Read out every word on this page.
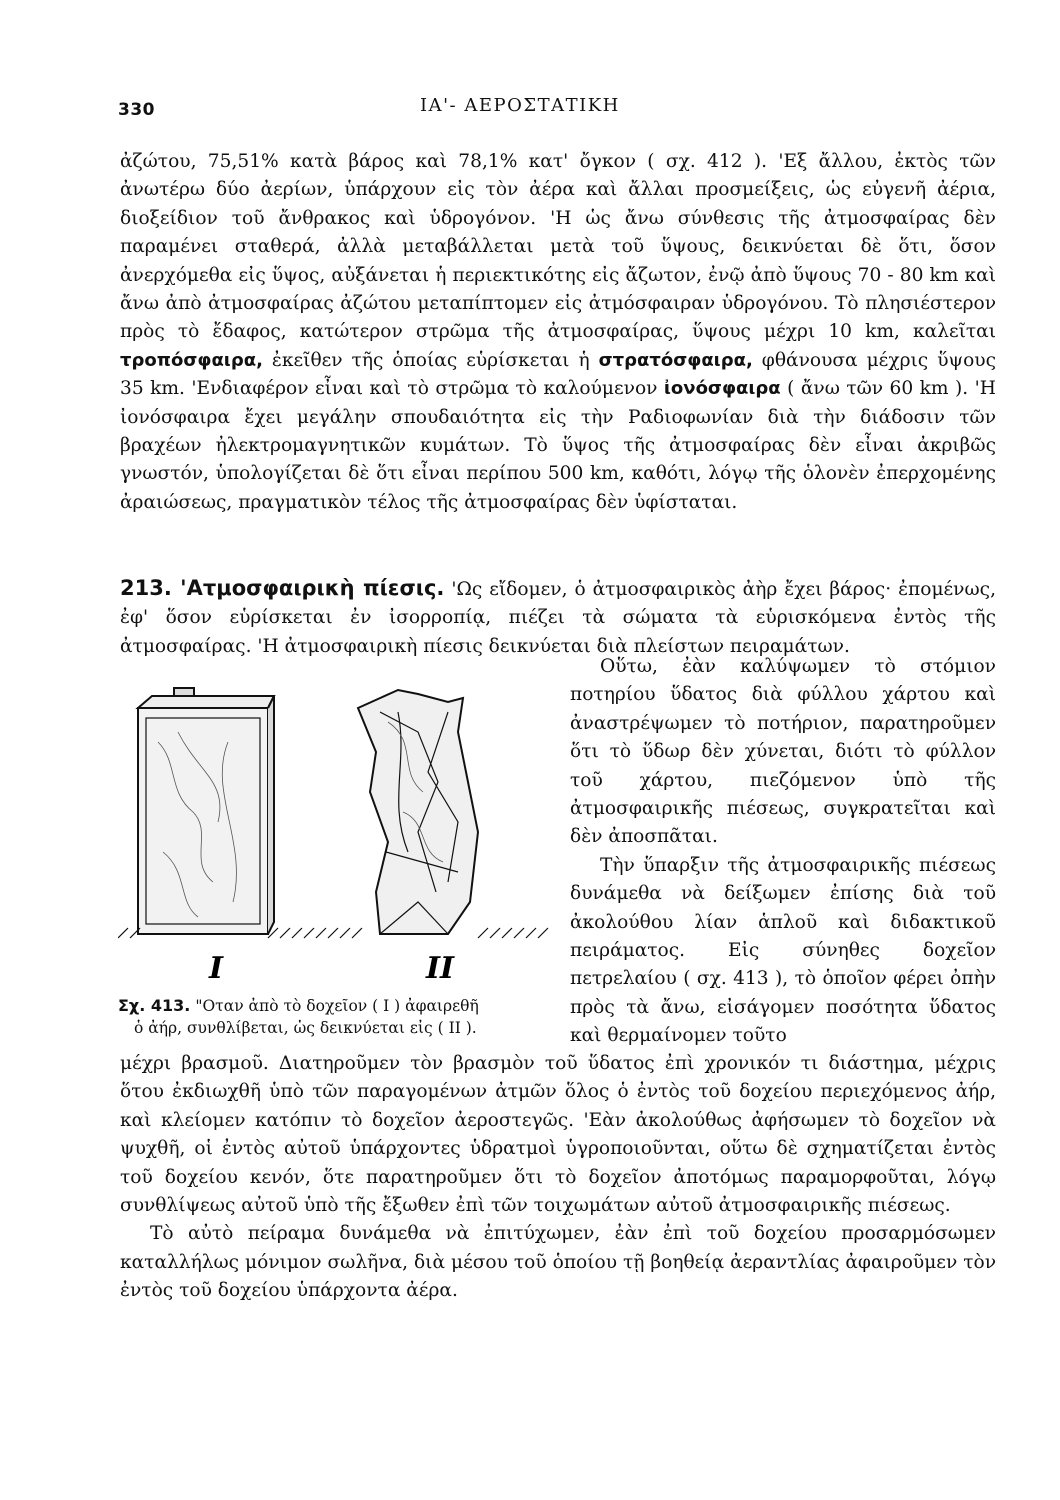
330	ΙΑ'- ΑΕΡΟΣΤΑΤΙΚΗ

ἀζώτου, 75,51% κατὰ βάρος καὶ 78,1% κατ' ὄγκον ( σχ. 412 ). 'Εξ ἄλλου, ἐκτὸς τῶν ἀνωτέρω δύο ἀερίων, ὑπάρχουν εἰς τὸν ἀέρα καὶ ἄλλαι προσμείξεις, ὡς εὐγενῆ ἀέρια, διοξείδιον τοῦ ἄνθρακος καὶ ὑδρογόνον. 'Η ὡς ἄνω σύνθεσις τῆς ἀτμοσφαίρας δὲν παραμένει σταθερά, ἀλλὰ μεταβάλλεται μετὰ τοῦ ὕψους, δεικνύεται δὲ ὅτι, ὅσον ἀνερχόμεθα εἰς ὕψος, αὐξάνεται ἡ περιεκτικότης εἰς ἄζωτον, ἐνῷ ἀπὸ ὕψους 70 - 80 km καὶ ἄνω ἀπὸ ἀτμοσφαίρας ἀζώτου μεταπίπτομεν εἰς ἀτμόσφαιραν ὑδρογόνου. Τὸ πλησιέστερον πρὸς τὸ ἔδαφος, κατώτερον στρῶμα τῆς ἀτμοσφαίρας, ὕψους μέχρι 10 km, καλεῖται τροπόσφαιρα, ἐκεῖθεν τῆς ὁποίας εὑρίσκεται ἡ στρατόσφαιρα, φθάνουσα μέχρις ὕψους 35 km. 'Ενδιαφέρον εἶναι καὶ τὸ στρῶμα τὸ καλούμενον ἰονόσφαιρα ( ἄνω τῶν 60 km ). 'Η ἰονόσφαιρα ἔχει μεγάλην σπουδαιότητα εἰς τὴν Ραδιοφωνίαν διὰ τὴν διάδοσιν τῶν βραχέων ἠλεκτρομαγνητικῶν κυμάτων. Τὸ ὕψος τῆς ἀτμοσφαίρας δὲν εἶναι ἀκριβῶς γνωστόν, ὑπολογίζεται δὲ ὅτι εἶναι περίπου 500 km, καθότι, λόγῳ τῆς ὁλονὲν ἐπερχομένης ἀραιώσεως, πραγματικὸν τέλος τῆς ἀτμοσφαίρας δὲν ὑφίσταται.

213. 'Ατμοσφαιρικὴ πίεσις. 'Ως εἴδομεν, ὁ ἀτμοσφαιρικὸς ἀὴρ ἔχει βάρος· ἐπομένως, ἐφ' ὅσον εὑρίσκεται ἐν ἰσορροπίᾳ, πιέζει τὰ σώματα τὰ εὑρισκόμενα ἐντὸς τῆς ἀτμοσφαίρας. 'Η ἀτμοσφαιρικὴ πίεσις δεικνύεται διὰ πλείστων πειραμάτων.

I	II
Σχ. 413. "Οταν ἀπὸ τὸ δοχεῖον ( I ) ἀφαιρεθῆ
ὁ ἀήρ, συνθλίβεται, ὡς δεικνύεται εἰς ( II ).

Οὕτω, ἐὰν καλύψωμεν τὸ στόμιον ποτηρίου ὕδατος διὰ φύλλου χάρτου καὶ ἀναστρέψωμεν τὸ ποτήριον, παρατηροῦμεν ὅτι τὸ ὕδωρ δὲν χύνεται, διότι τὸ φύλλον τοῦ χάρτου, πιεζόμενον ὑπὸ τῆς ἀτμοσφαιρικῆς πιέσεως, συγκρατεῖται καὶ δὲν ἀποσπᾶται.

Τὴν ὕπαρξιν τῆς ἀτμοσφαιρικῆς πιέσεως δυνάμεθα νὰ δείξωμεν ἐπίσης διὰ τοῦ ἀκολούθου λίαν ἁπλοῦ καὶ διδακτικοῦ πειράματος. Εἰς σύνηθες δοχεῖον πετρελαίου ( σχ. 413 ), τὸ ὁποῖον φέρει ὀπὴν πρὸς τὰ ἄνω, εἰσάγομεν ποσότητα ὕδατος καὶ θερμαίνομεν τοῦτο

μέχρι βρασμοῦ. Διατηροῦμεν τὸν βρασμὸν τοῦ ὕδατος ἐπὶ χρονικόν τι διάστημα, μέχρις ὅτου ἐκδιωχθῆ ὑπὸ τῶν παραγομένων ἀτμῶν ὅλος ὁ ἐντὸς τοῦ δοχείου περιεχόμενος ἀήρ, καὶ κλείομεν κατόπιν τὸ δοχεῖον ἀεροστεγῶς. 'Εὰν ἀκολούθως ἀφήσωμεν τὸ δοχεῖον νὰ ψυχθῆ, οἱ ἐντὸς αὐτοῦ ὑπάρχοντες ὑδρατμοὶ ὑγροποιοῦνται, οὕτω δὲ σχηματίζεται ἐντὸς τοῦ δοχείου κενόν, ὅτε παρατηροῦμεν ὅτι τὸ δοχεῖον ἀποτόμως παραμορφοῦται, λόγῳ συνθλίψεως αὐτοῦ ὑπὸ τῆς ἔξωθεν ἐπὶ τῶν τοιχωμάτων αὐτοῦ ἀτμοσφαιρικῆς πιέσεως.

Τὸ αὐτὸ πείραμα δυνάμεθα νὰ ἐπιτύχωμεν, ἐὰν ἐπὶ τοῦ δοχείου προσαρμόσωμεν καταλλήλως μόνιμον σωλῆνα, διὰ μέσου τοῦ ὁποίου τῇ βοηθείᾳ ἀεραντλίας ἀφαιροῦμεν τὸν ἐντὸς τοῦ δοχείου ὑπάρχοντα ἀέρα.
